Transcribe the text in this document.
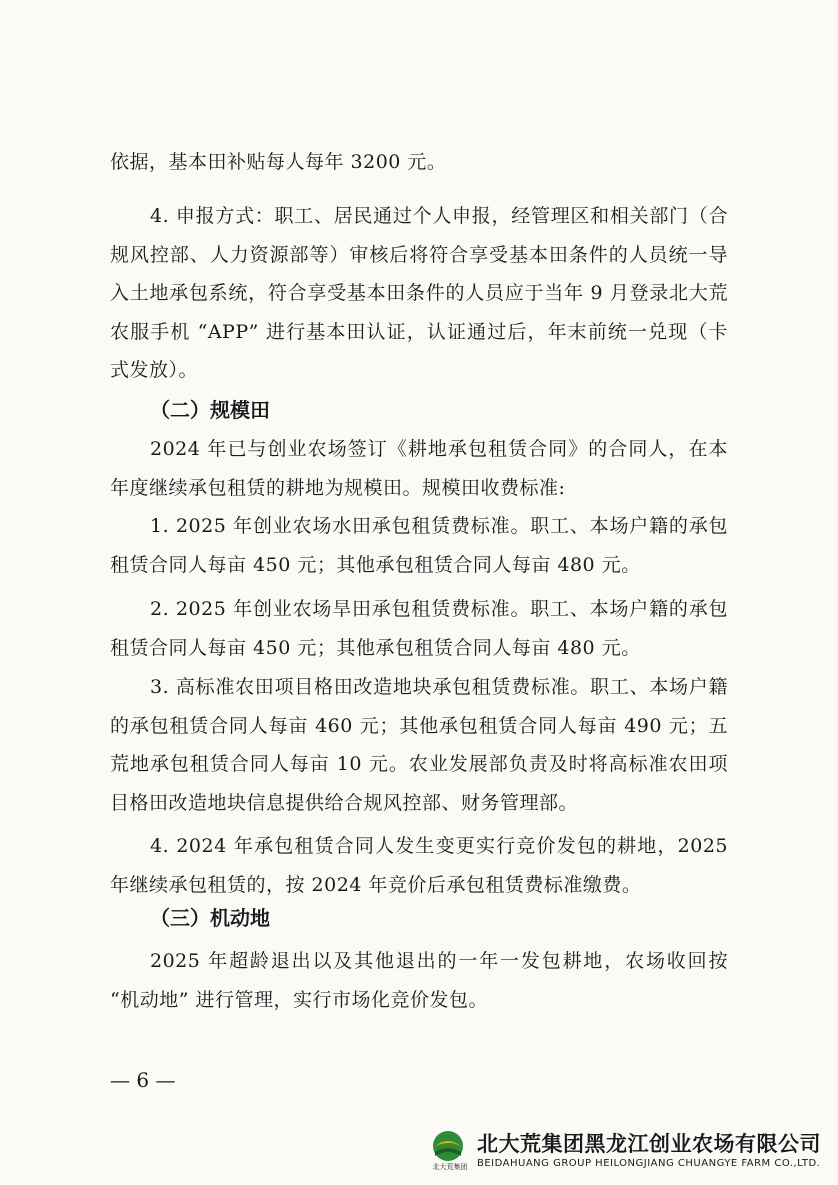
依据，基本田补贴每人每年 3200 元。

4. 申报方式：职工、居民通过个人申报，经管理区和相关部门（合规风控部、人力资源部等）审核后将符合享受基本田条件的人员统一导入土地承包系统，符合享受基本田条件的人员应于当年 9 月登录北大荒农服手机 “APP” 进行基本田认证，认证通过后，年末前统一兑现（卡式发放）。

（二）规模田

2024 年已与创业农场签订《耕地承包租赁合同》的合同人，在本年度继续承包租赁的耕地为规模田。规模田收费标准:

1. 2025 年创业农场水田承包租赁费标准。职工、本场户籍的承包租赁合同人每亩 450 元；其他承包租赁合同人每亩 480 元。

2. 2025 年创业农场旱田承包租赁费标准。职工、本场户籍的承包租赁合同人每亩 450 元；其他承包租赁合同人每亩 480 元。

3. 高标准农田项目格田改造地块承包租赁费标准。职工、本场户籍的承包租赁合同人每亩 460 元；其他承包租赁合同人每亩 490 元；五荒地承包租赁合同人每亩 10 元。农业发展部负责及时将高标准农田项目格田改造地块信息提供给合规风控部、财务管理部。

4. 2024 年承包租赁合同人发生变更实行竞价发包的耕地，2025 年继续承包租赁的，按 2024 年竞价后承包租赁费标准缴费。

（三）机动地

2025 年超龄退出以及其他退出的一年一发包耕地，农场收回按 “机动地” 进行管理，实行市场化竞价发包。

— 6 —
北大荒集团
北大荒集团黑龙江创业农场有限公司
BEIDAHUANG GROUP HEILONGJIANG CHUANGYE FARM CO.,LTD.
